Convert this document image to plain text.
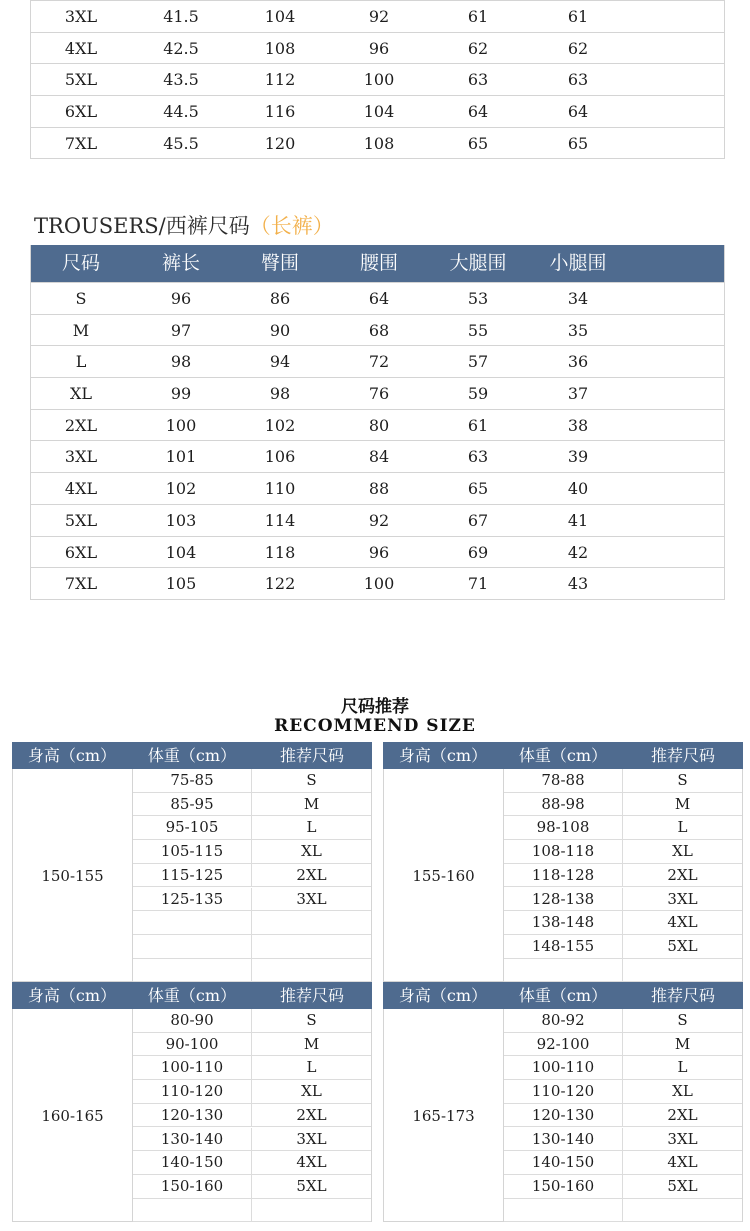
3XL	41.5	104	92	61	61
4XL	42.5	108	96	62	62
5XL	43.5	112	100	63	63
6XL	44.5	116	104	64	64
7XL	45.5	120	108	65	65
TROUSERS/西裤尺码（长裤）
尺码	裤长	臀围	腰围	大腿围 小腿围
S	96	86	64	53	34
M	97	90	68	55	35
L	98	94	72	57	36
XL	99	98	76	59	37
2XL	100	102	80	61	38
3XL	101	106	84	63	39
4XL	102	110	88	65	40
5XL	103	114	92	67	41
6XL	104	118	96	69	42
7XL	105	122	100	71	43
尺码推荐
RECOMMEND SIZE
身高（cm） 体重（cm）	推荐尺码
150-155
75-85	S
85-95	M
95-105	L
105-115	XL
115-125	2XL
125-135	3XL
身高（cm） 体重（cm）	推荐尺码
155-160
78-88	S
88-98	M
98-108	L
108-118	XL
118-128	2XL
128-138	3XL
138-148	4XL
148-155	5XL
身高（cm） 体重（cm）	推荐尺码
160-165
80-90	S
90-100	M
100-110	L
110-120	XL
120-130	2XL
130-140	3XL
140-150	4XL
150-160	5XL
身高（cm） 体重（cm）	推荐尺码
165-173
80-92	S
92-100	M
100-110	L
110-120	XL
120-130	2XL
130-140	3XL
140-150	4XL
150-160	5XL
